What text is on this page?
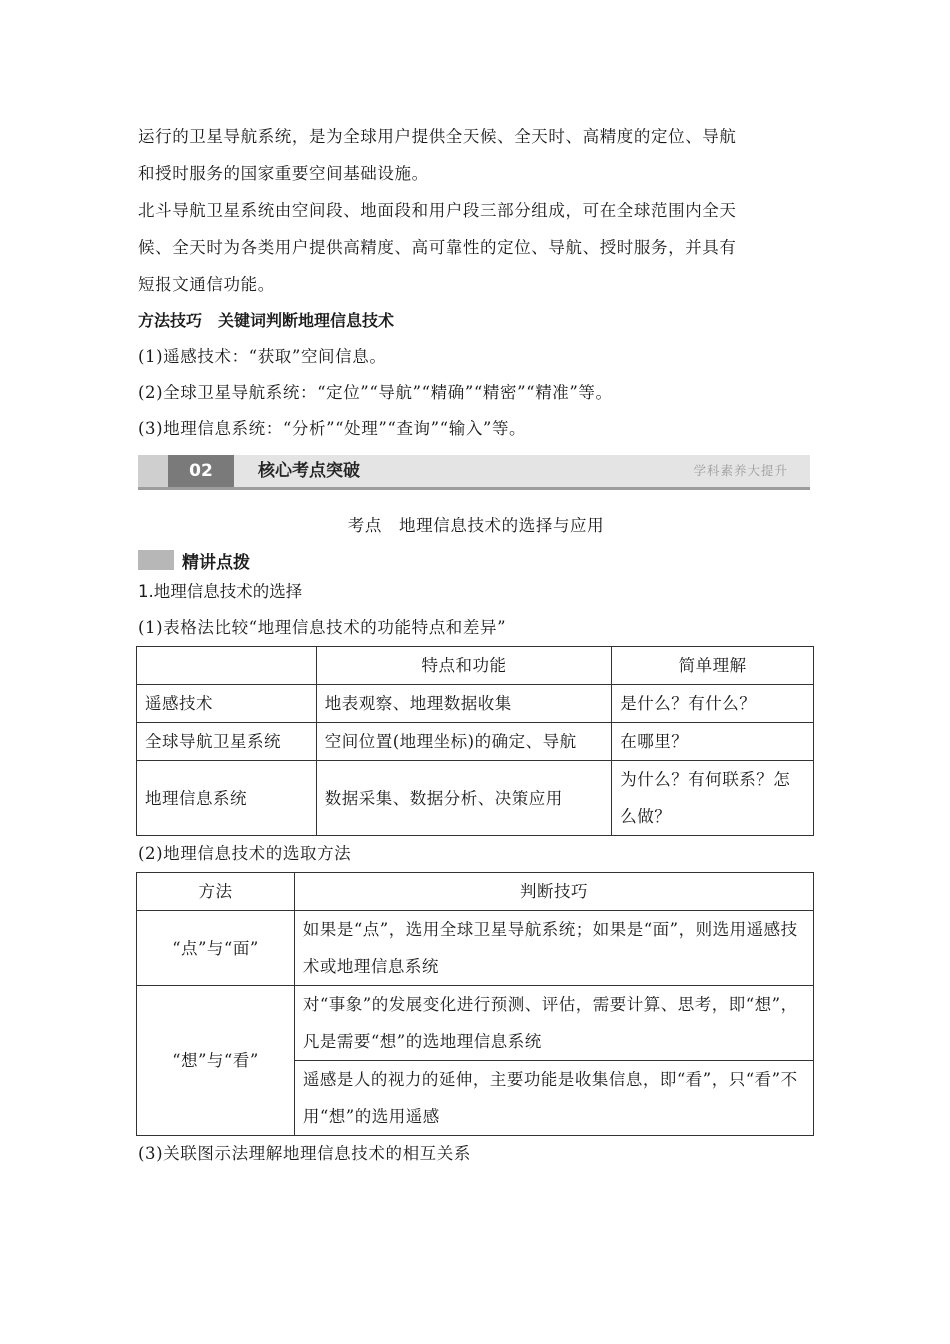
运行的卫星导航系统，是为全球用户提供全天候、全天时、高精度的定位、导航

和授时服务的国家重要空间基础设施。

北斗导航卫星系统由空间段、地面段和用户段三部分组成，可在全球范围内全天

候、全天时为各类用户提供高精度、高可靠性的定位、导航、授时服务，并具有

短报文通信功能。

方法技巧　关键词判断地理信息技术

(1)遥感技术：“获取”空间信息。

(2)全球卫星导航系统：“定位”“导航”“精确”“精密”“精准”等。

(3)地理信息系统：“分析”“处理”“查询”“输入”等。

02	核心考点突破	学科素养大提升
考点　地理信息技术的选择与应用
精讲点拨

1.地理信息技术的选择

(1)表格法比较“地理信息技术的功能特点和差异”

	特点和功能	简单理解
遥感技术	地表观察、地理数据收集	是什么？有什么？
全球导航卫星系统	空间位置(地理坐标)的确定、导航	在哪里？
地理信息系统	数据采集、数据分析、决策应用	为什么？有何联系？怎么做？

(2)地理信息技术的选取方法

方法	判断技巧
“点”与“面”	如果是“点”，选用全球卫星导航系统；如果是“面”，则选用遥感技术或地理信息系统
“想”与“看”	对“事象”的发展变化进行预测、评估，需要计算、思考，即“想”，凡是需要“想”的选地理信息系统
	遥感是人的视力的延伸，主要功能是收集信息，即“看”，只“看”不用“想”的选用遥感

(3)关联图示法理解地理信息技术的相互关系
